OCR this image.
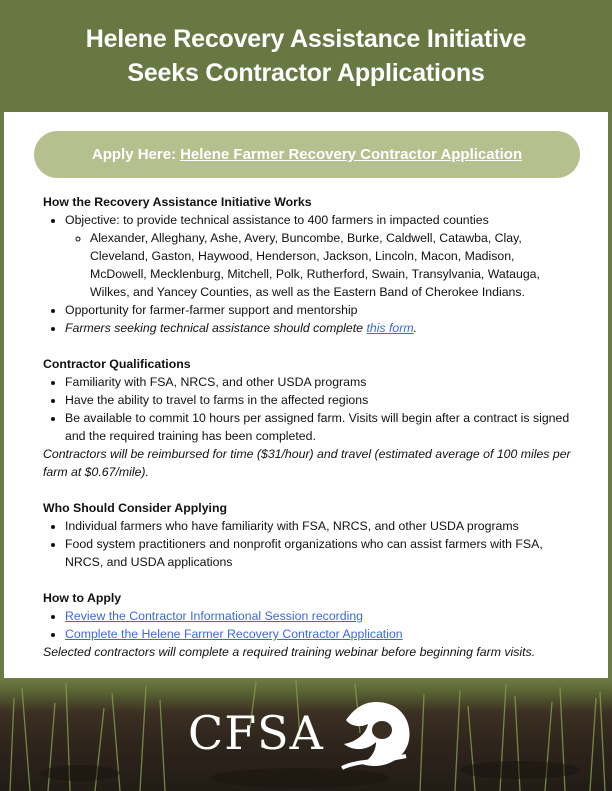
Helene Recovery Assistance Initiative
Seeks Contractor Applications
Apply Here: Helene Farmer Recovery Contractor Application

How the Recovery Assistance Initiative Works

• Objective: to provide technical assistance to 400 farmers in impacted counties
◦ Alexander, Alleghany, Ashe, Avery, Buncombe, Burke, Caldwell, Catawba, Clay, Cleveland, Gaston, Haywood, Henderson, Jackson, Lincoln, Macon, Madison, McDowell, Mecklenburg, Mitchell, Polk, Rutherford, Swain, Transylvania, Watauga, Wilkes, and Yancey Counties, as well as the Eastern Band of Cherokee Indians.
• Opportunity for farmer-farmer support and mentorship
• Farmers seeking technical assistance should complete this form.

Contractor Qualifications

• Familiarity with FSA, NRCS, and other USDA programs
• Have the ability to travel to farms in the affected regions
• Be available to commit 10 hours per assigned farm. Visits will begin after a contract is signed and the required training has been completed.

Contractors will be reimbursed for time ($31/hour) and travel (estimated average of 100 miles per farm at $0.67/mile).

Who Should Consider Applying

• Individual farmers who have familiarity with FSA, NRCS, and other USDA programs
• Food system practitioners and nonprofit organizations who can assist farmers with FSA, NRCS, and USDA applications

How to Apply

• Review the Contractor Informational Session recording
• Complete the Helene Farmer Recovery Contractor Application

Selected contractors will complete a required training webinar before beginning farm visits.

CFSA
